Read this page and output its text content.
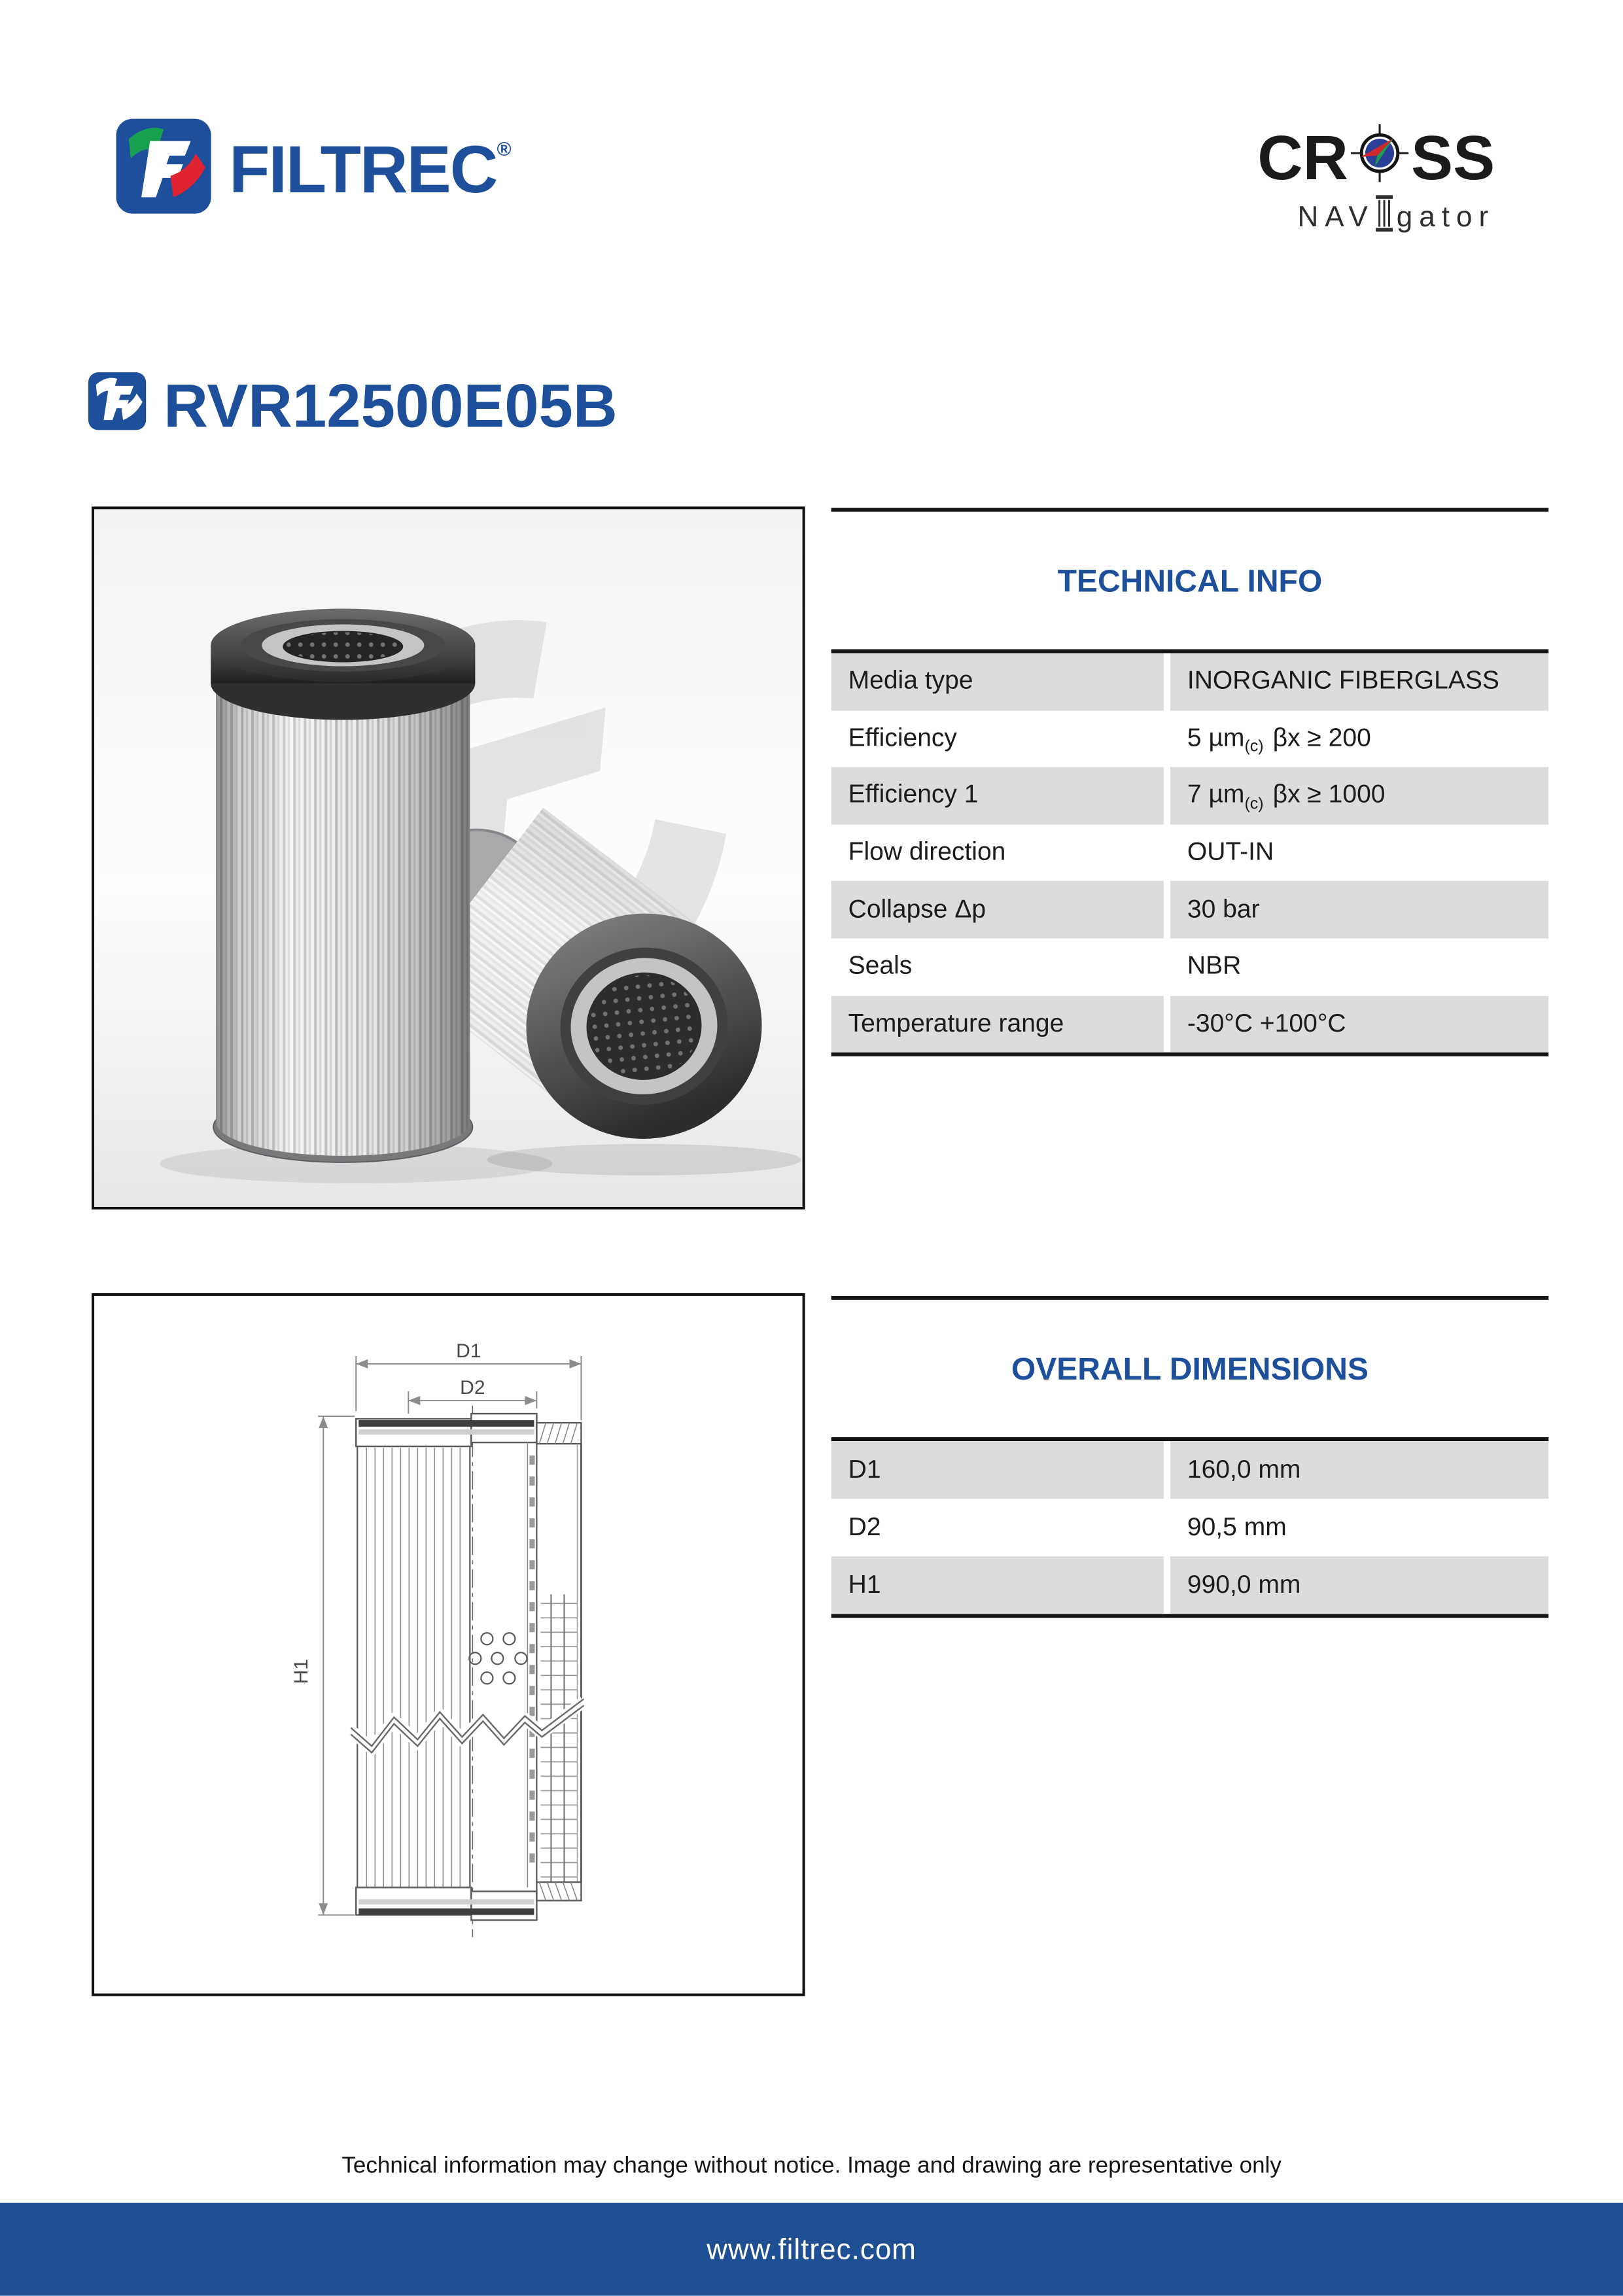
FILTREC®	CR SS
NAV gator
RVR12500E05B
D1
D2
H1
TECHNICAL INFO
Media type	INORGANIC FIBERGLASS
Efficiency	5 µm (c) βx ≥ 200
Efficiency 1	7 µm (c) βx ≥ 1000
Flow direction	OUT-IN
Collapse Δp	30 bar
Seals	NBR
Temperature range	-30°C +100°C
OVERALL DIMENSIONS
D1	160,0 mm
D2	90,5 mm
H1	990,0 mm
Technical information may change without notice. Image and drawing are representative only
www.filtrec.com
